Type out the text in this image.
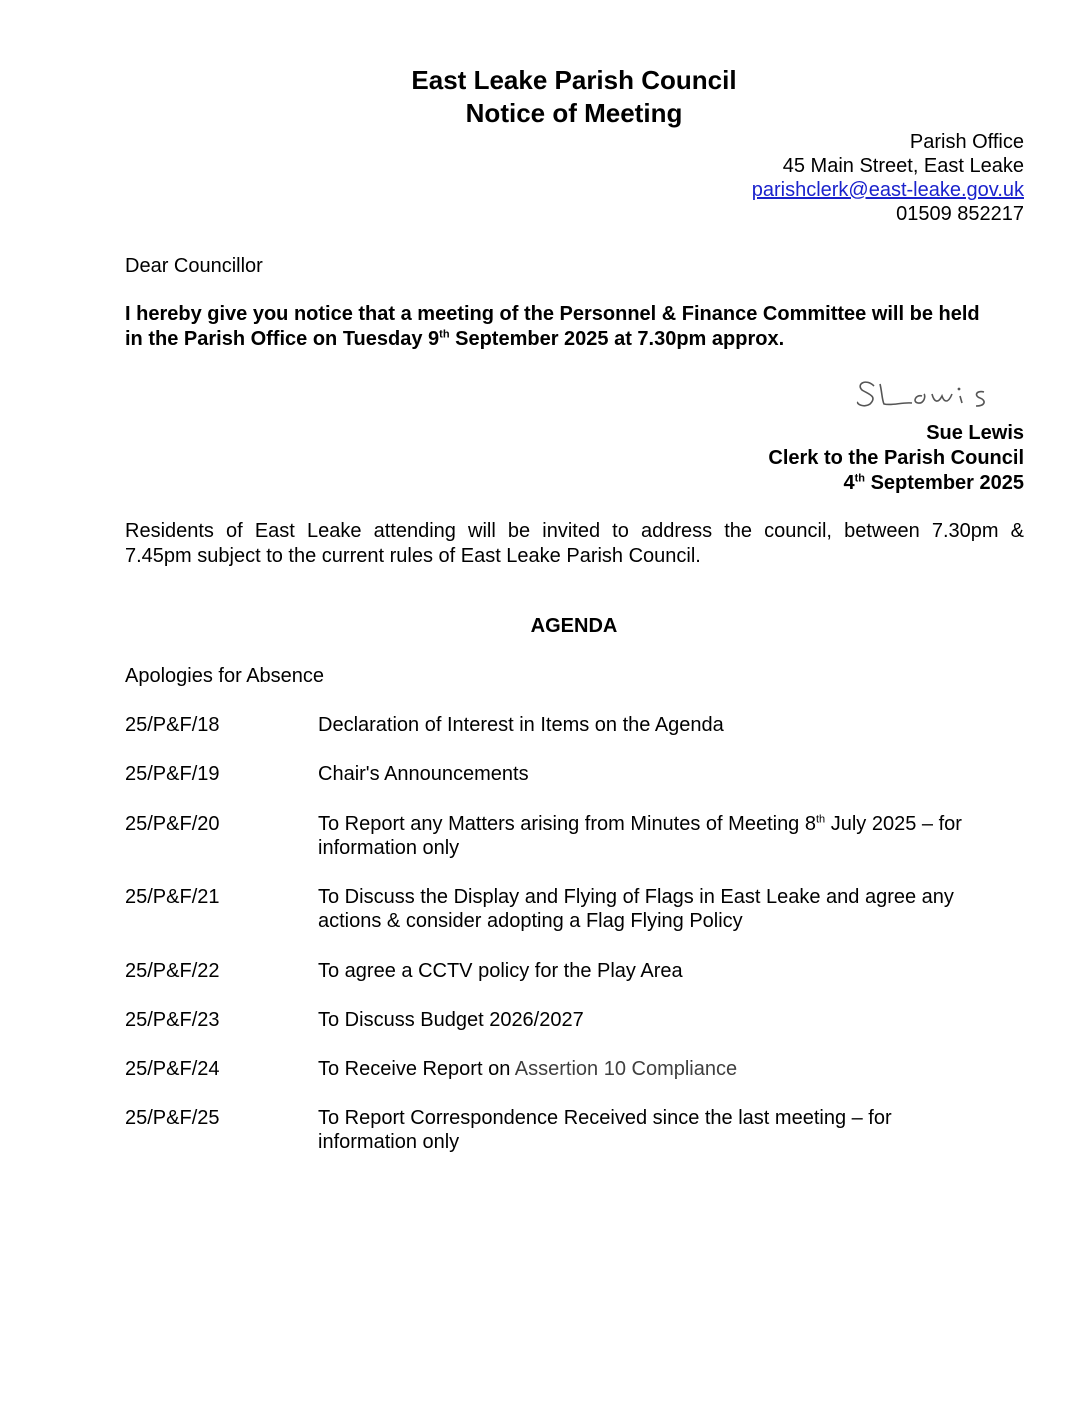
East Leake Parish Council
Notice of Meeting
Parish Office
45 Main Street, East Leake
parishclerk@east-leake.gov.uk
01509 852217
Dear Councillor
I hereby give you notice that a meeting of the Personnel & Finance Committee will be held
in the Parish Office on Tuesday 9th September 2025 at 7.30pm approx.
Sue Lewis
Clerk to the Parish Council
4th September 2025
Residents of East Leake attending will be invited to address the council, between 7.30pm &
7.45pm subject to the current rules of East Leake Parish Council.
AGENDA
Apologies for Absence
25/P&F/18	Declaration of Interest in Items on the Agenda
25/P&F/19	Chair's Announcements
25/P&F/20	To Report any Matters arising from Minutes of Meeting 8th July 2025 – for
information only
25/P&F/21	To Discuss the Display and Flying of Flags in East Leake and agree any
actions & consider adopting a Flag Flying Policy
25/P&F/22	To agree a CCTV policy for the Play Area
25/P&F/23	To Discuss Budget 2026/2027
25/P&F/24	To Receive Report on Assertion 10 Compliance
25/P&F/25	To Report Correspondence Received since the last meeting – for
information only
